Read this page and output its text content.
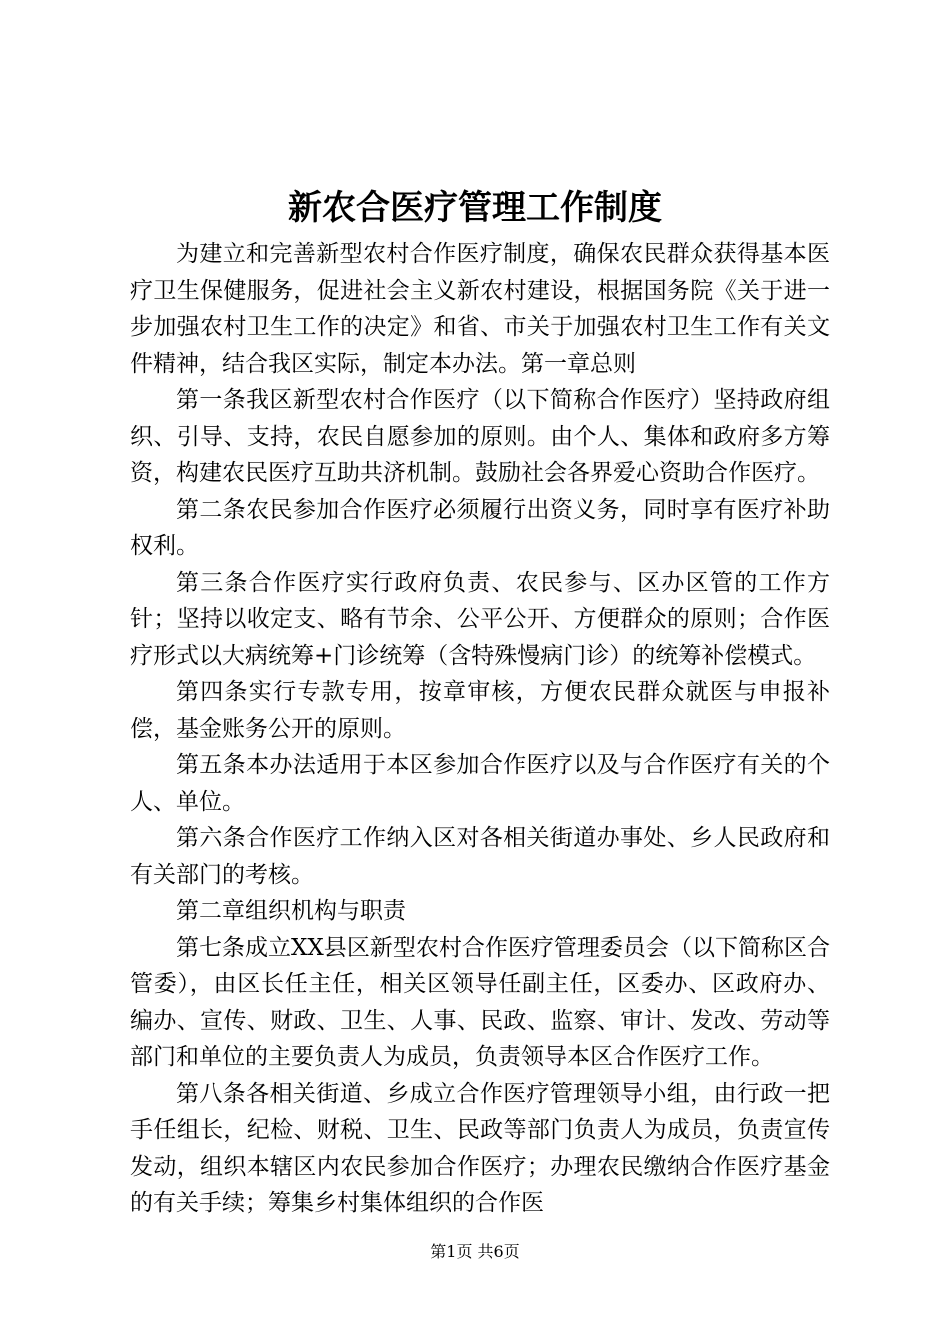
新农合医疗管理工作制度

为建立和完善新型农村合作医疗制度，确保农民群众获得基本医疗卫生保健服务，促进社会主义新农村建设，根据国务院《关于进一步加强农村卫生工作的决定》和省、市关于加强农村卫生工作有关文件精神，结合我区实际，制定本办法。第一章总则

第一条我区新型农村合作医疗（以下简称合作医疗）坚持政府组织、引导、支持，农民自愿参加的原则。由个人、集体和政府多方筹资，构建农民医疗互助共济机制。鼓励社会各界爱心资助合作医疗。

第二条农民参加合作医疗必须履行出资义务，同时享有医疗补助权利。

第三条合作医疗实行政府负责、农民参与、区办区管的工作方针；坚持以收定支、略有节余、公平公开、方便群众的原则；合作医疗形式以大病统筹+门诊统筹（含特殊慢病门诊）的统筹补偿模式。

第四条实行专款专用，按章审核，方便农民群众就医与申报补偿，基金账务公开的原则。

第五条本办法适用于本区参加合作医疗以及与合作医疗有关的个人、单位。

第六条合作医疗工作纳入区对各相关街道办事处、乡人民政府和有关部门的考核。

第二章组织机构与职责

第七条成立XX县区新型农村合作医疗管理委员会（以下简称区合管委），由区长任主任，相关区领导任副主任，区委办、区政府办、编办、宣传、财政、卫生、人事、民政、监察、审计、发改、劳动等部门和单位的主要负责人为成员，负责领导本区合作医疗工作。

第八条各相关街道、乡成立合作医疗管理领导小组，由行政一把手任组长，纪检、财税、卫生、民政等部门负责人为成员，负责宣传发动，组织本辖区内农民参加合作医疗；办理农民缴纳合作医疗基金的有关手续；筹集乡村集体组织的合作医

第1页 共6页
